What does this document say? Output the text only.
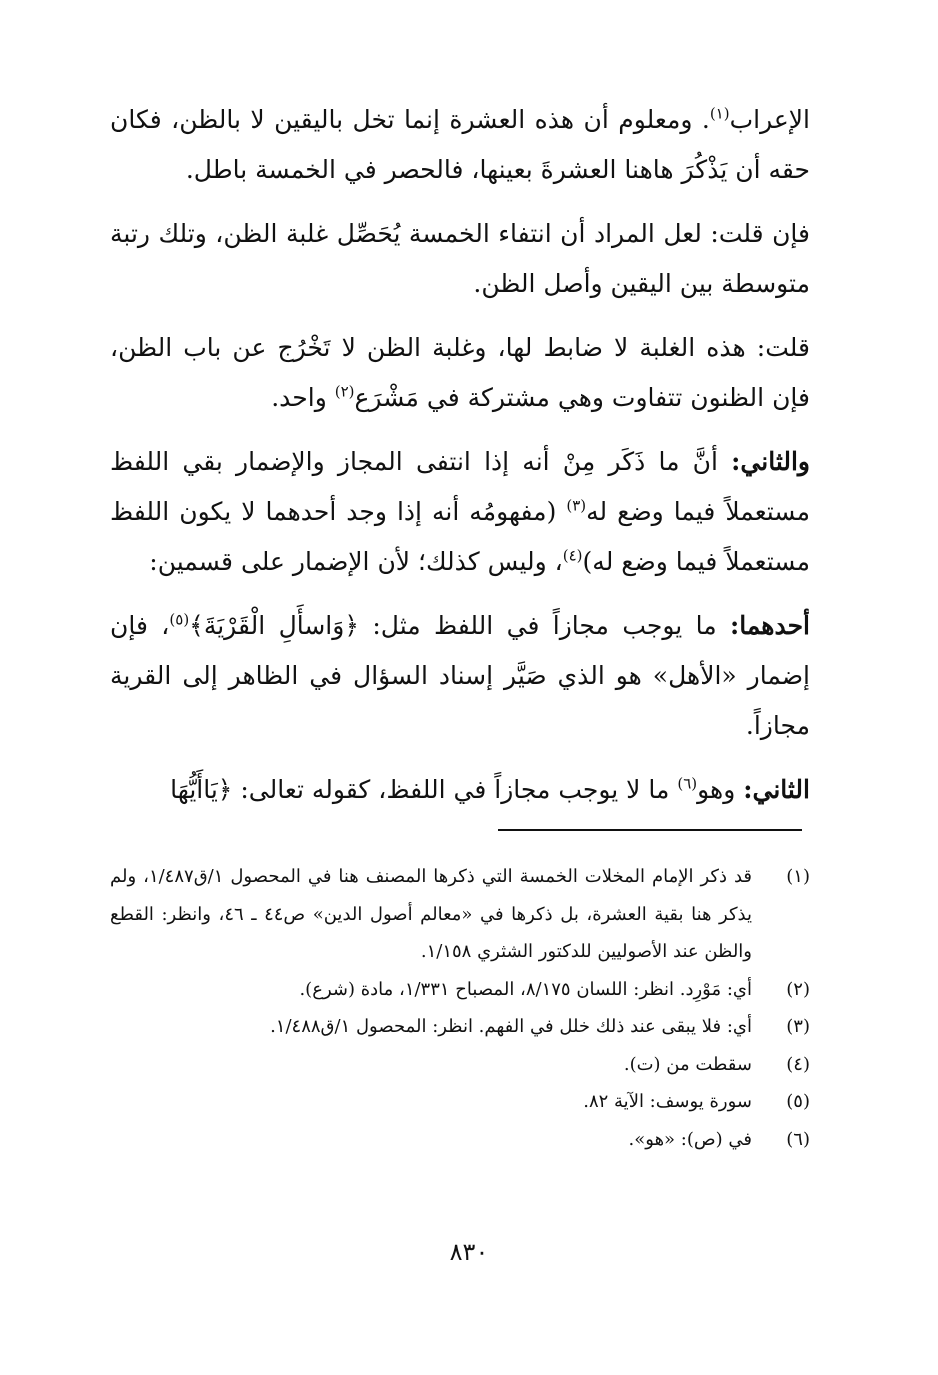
الإعراب$^{(١)}$. ومعلوم أن هذه العشرة إنما تخل باليقين لا بالظن، فكان حقه أن يَذْكُرَ هاهنا العشرةَ بعينها، فالحصر في الخمسة باطل.

فإن قلت: لعل المراد أن انتفاء الخمسة يُحَصِّل غلبة الظن، وتلك رتبة متوسطة بين اليقين وأصل الظن.

قلت: هذه الغلبة لا ضابط لها، وغلبة الظن لا تَخْرُج عن باب الظن، فإن الظنون تتفاوت وهي مشتركة في مَشْرَع$^{(٢)}$ واحد.

والثاني: أنَّ ما ذَكَر مِنْ أنه إذا انتفى المجاز والإضمار بقي اللفظ مستعملاً فيما وضع له$^{(٣)}$ (مفهومُه أنه إذا وجد أحدهما لا يكون اللفظ مستعملاً فيما وضع له)$^{(٤)}$، وليس كذلك؛ لأن الإضمار على قسمين:

أحدهما: ما يوجب مجازاً في اللفظ مثل: ﴿وَاسأَلِ الْقَرْيَةَ﴾$^{(٥)}$، فإن إضمار «الأهل» هو الذي صَيَّر إسناد السؤال في الظاهر إلى القرية مجازاً.

الثاني: وهو$^{(٦)}$ ما لا يوجب مجازاً في اللفظ، كقوله تعالى: ﴿يَاأَيُّهَا

(١)
قد ذكر الإمام المخلات الخمسة التي ذكرها المصنف هنا في المحصول ١/ق١/٤٨٧، ولم يذكر هنا بقية العشرة، بل ذكرها في «معالم أصول الدين» ص٤٤ ـ ٤٦، وانظر: القطع والظن عند الأصوليين للدكتور الشثري ١/١٥٨.
(٢)
أي: مَوْرِد. انظر: اللسان ٨/١٧٥، المصباح ١/٣٣١، مادة (شرع).
(٣)
أي: فلا يبقى عند ذلك خلل في الفهم. انظر: المحصول ١/ق١/٤٨٨.
(٤)
سقطت من (ت).
(٥)
سورة يوسف: الآية ٨٢.
(٦)
في (ص): «هو».
٨٣٠
